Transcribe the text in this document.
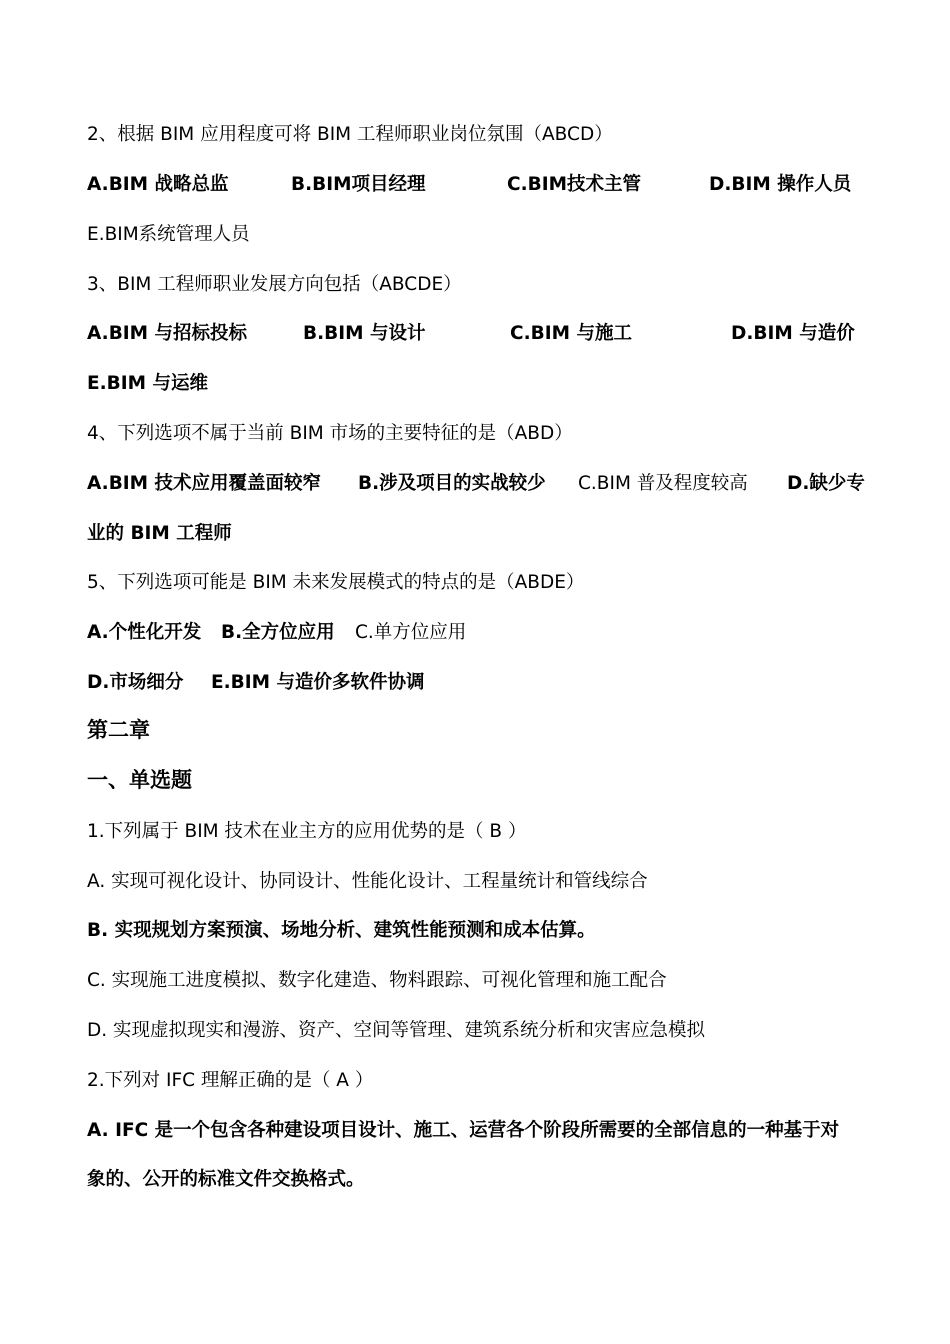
2、根据 BIM 应用程度可将 BIM 工程师职业岗位氛围（ABCD）
A.BIM 战略总监	B.BIM项目经理	C.BIM技术主管	D.BIM 操作人员
E.BIM系统管理人员
3、BIM 工程师职业发展方向包括（ABCDE）
A.BIM 与招标投标	B.BIM 与设计	C.BIM 与施工	D.BIM 与造价
E.BIM 与运维
4、下列选项不属于当前 BIM 市场的主要特征的是（ABD）
A.BIM 技术应用覆盖面较窄 B.涉及项目的实战较少 C.BIM 普及程度较高 D.缺少专
业的 BIM 工程师
5、下列选项可能是 BIM 未来发展模式的特点的是（ABDE）
A.个性化开发 B.全方位应用 C.单方位应用
D.市场细分 E.BIM 与造价多软件协调
第二章
一、单选题
1.下列属于 BIM 技术在业主方的应用优势的是（ B ）
A. 实现可视化设计、协同设计、性能化设计、工程量统计和管线综合
B. 实现规划方案预演、场地分析、建筑性能预测和成本估算。
C. 实现施工进度模拟、数字化建造、物料跟踪、可视化管理和施工配合
D. 实现虚拟现实和漫游、资产、空间等管理、建筑系统分析和灾害应急模拟
2.下列对 IFC 理解正确的是（ A ）
A. IFC 是一个包含各种建设项目设计、施工、运营各个阶段所需要的全部信息的一种基于对
象的、公开的标准文件交换格式。
